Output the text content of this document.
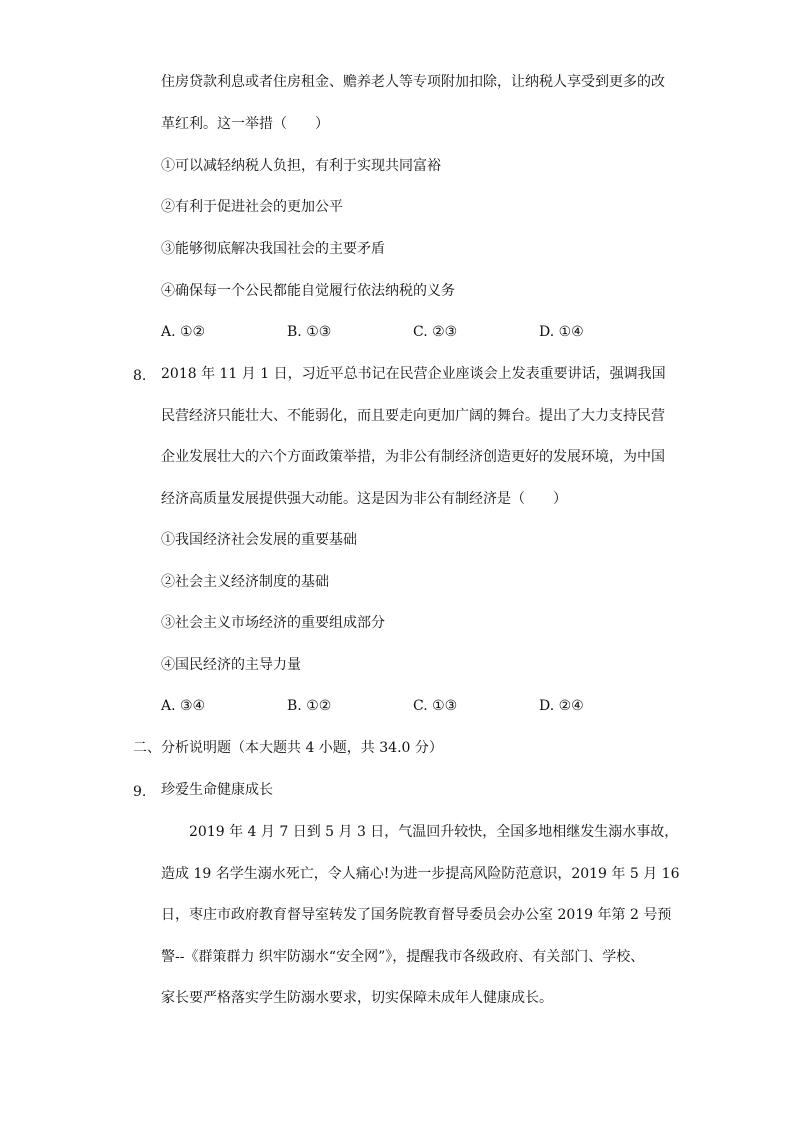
住房贷款利息或者住房租金、赡养老人等专项附加扣除，让纳税人享受到更多的改
革红利。这一举措（　　）
①可以减轻纳税人负担，有利于实现共同富裕
②有利于促进社会的更加公平
③能够彻底解决我国社会的主要矛盾
④确保每一个公民都能自觉履行依法纳税的义务
A. ①②	B. ①③	C. ②③	D. ①④
8. 2018 年 11 月 1 日，习近平总书记在民营企业座谈会上发表重要讲话，强调我国
民营经济只能壮大、不能弱化，而且要走向更加广阔的舞台。提出了大力支持民营
企业发展壮大的六个方面政策举措，为非公有制经济创造更好的发展环境，为中国
经济高质量发展提供强大动能。这是因为非公有制经济是（　　）
①我国经济社会发展的重要基础
②社会主义经济制度的基础
③社会主义市场经济的重要组成部分
④国民经济的主导力量
A. ③④	B. ①②	C. ①③	D. ②④
二、分析说明题（本大题共 4 小题，共 34.0 分）
9. 珍爱生命健康成长
2019 年 4 月 7 日到 5 月 3 日，气温回升较快，全国多地相继发生溺水事故，
造成 19 名学生溺水死亡，令人痛心!为进一步提高风险防范意识，2019 年 5 月 16
日，枣庄市政府教育督导室转发了国务院教育督导委员会办公室 2019 年第 2 号预
警--《群策群力 织牢防溺水“安全网”》，提醒我市各级政府、有关部门、学校、
家长要严格落实学生防溺水要求，切实保障未成年人健康成长。
